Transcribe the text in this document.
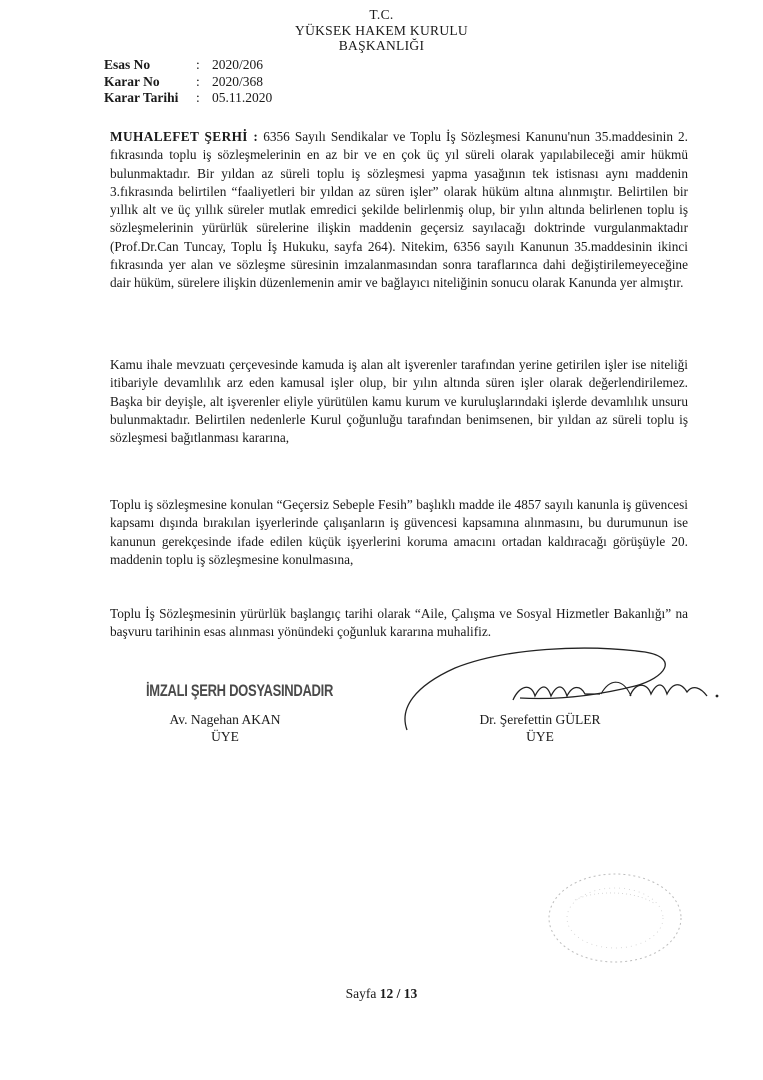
T.C.
YÜKSEK HAKEM KURULU
BAŞKANLIĞI
Esas No	: 2020/206
Karar No	: 2020/368
Karar Tarihi	: 05.11.2020
MUHALEFET ŞERHİ : 6356 Sayılı Sendikalar ve Toplu İş Sözleşmesi Kanunu'nun 35.maddesinin 2. fıkrasında toplu iş sözleşmelerinin en az bir ve en çok üç yıl süreli olarak yapılabileceği amir hükmü bulunmaktadır. Bir yıldan az süreli toplu iş sözleşmesi yapma yasağının tek istisnası aynı maddenin 3.fıkrasında belirtilen “faaliyetleri bir yıldan az süren işler” olarak hüküm altına alınmıştır. Belirtilen bir yıllık alt ve üç yıllık süreler mutlak emredici şekilde belirlenmiş olup, bir yılın altında belirlenen toplu iş sözleşmelerinin yürürlük sürelerine ilişkin maddenin geçersiz sayılacağı doktrinde vurgulanmaktadır (Prof.Dr.Can Tuncay, Toplu İş Hukuku, sayfa 264). Nitekim, 6356 sayılı Kanunun 35.maddesinin ikinci fıkrasında yer alan ve sözleşme süresinin imzalanmasından sonra taraflarınca dahi değiştirilemeyeceğine dair hüküm, sürelere ilişkin düzenlemenin amir ve bağlayıcı niteliğinin sonucu olarak Kanunda yer almıştır.
Kamu ihale mevzuatı çerçevesinde kamuda iş alan alt işverenler tarafından yerine getirilen işler ise niteliği itibariyle devamlılık arz eden kamusal işler olup, bir yılın altında süren işler olarak değerlendirilemez. Başka bir deyişle, alt işverenler eliyle yürütülen kamu kurum ve kuruluşlarındaki işlerde devamlılık unsuru bulunmaktadır. Belirtilen nedenlerle Kurul çoğunluğu tarafından benimsenen, bir yıldan az süreli toplu iş sözleşmesi bağıtlanması kararına,
Toplu iş sözleşmesine konulan “Geçersiz Sebeple Fesih” başlıklı madde ile 4857 sayılı kanunla iş güvencesi kapsamı dışında bırakılan işyerlerinde çalışanların iş güvencesi kapsamına alınmasını, bu durumunun ise kanunun gerekçesinde ifade edilen küçük işyerlerini koruma amacını ortadan kaldıracağı görüşüyle 20. maddenin toplu iş sözleşmesine konulmasına,
Toplu İş Sözleşmesinin yürürlük başlangıç tarihi olarak “Aile, Çalışma ve Sosyal Hizmetler Bakanlığı” na başvuru tarihinin esas alınması yönündeki çoğunluk kararına muhalifiz.
İMZALI ŞERH DOSYASINDADIR
Av. Nagehan AKAN
ÜYE
Dr. Şerefettin GÜLER
ÜYE
Sayfa 12 / 13
